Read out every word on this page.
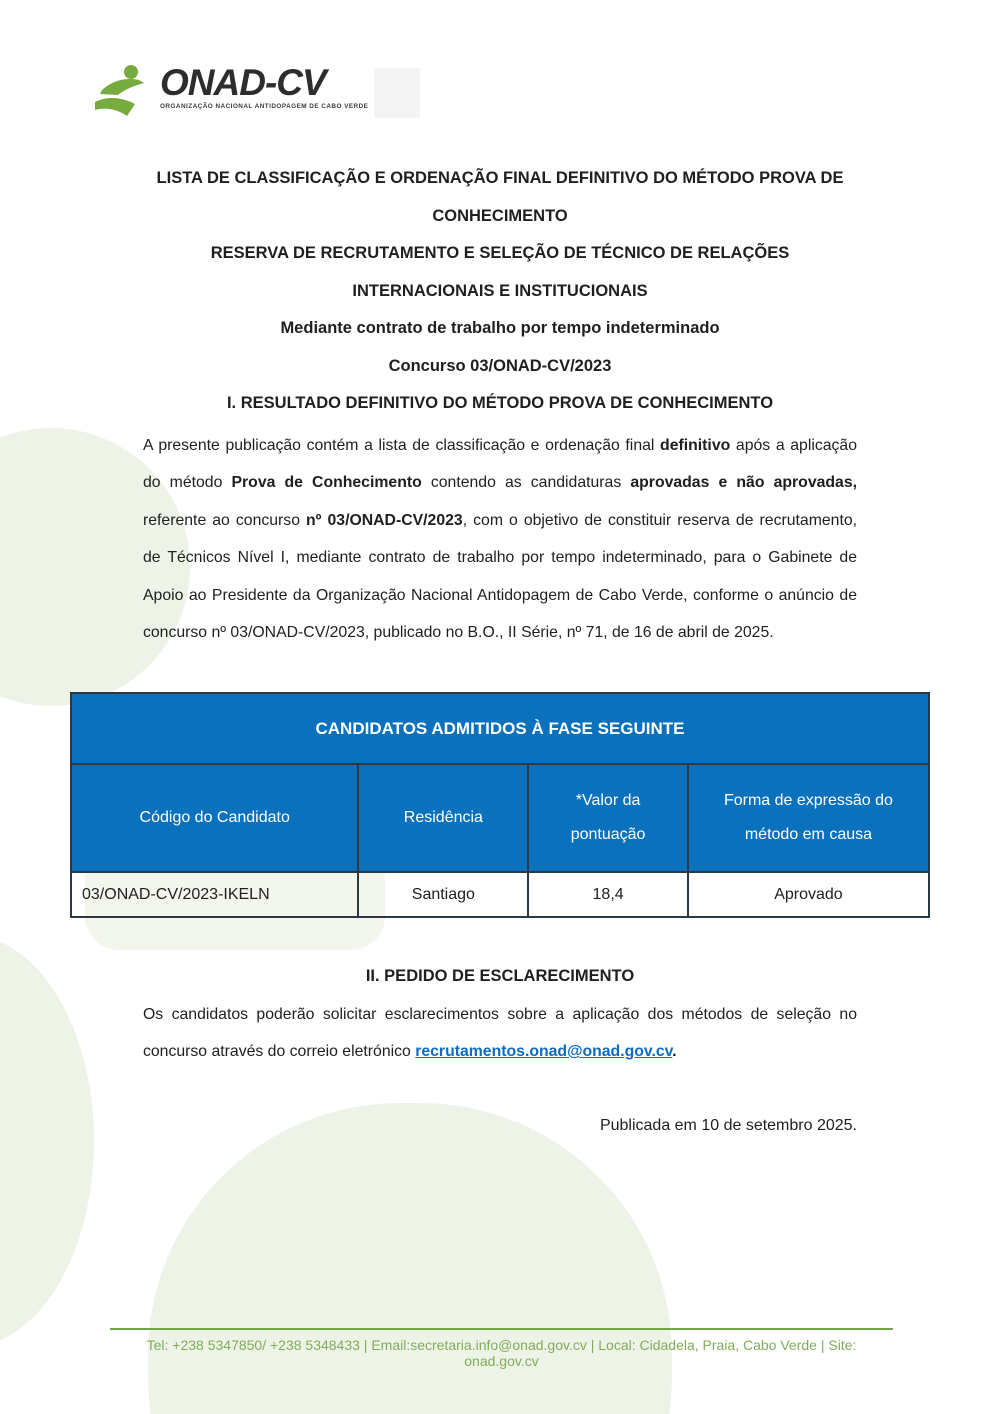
ONAD-CV
ORGANIZAÇÃO NACIONAL ANTIDOPAGEM DE CABO VERDE
LISTA DE CLASSIFICAÇÃO E ORDENAÇÃO FINAL DEFINITIVO DO MÉTODO PROVA DE
CONHECIMENTO
RESERVA DE RECRUTAMENTO E SELEÇÃO DE TÉCNICO DE RELAÇÕES
INTERNACIONAIS E INSTITUCIONAIS
Mediante contrato de trabalho por tempo indeterminado
Concurso 03/ONAD-CV/2023
I. RESULTADO DEFINITIVO DO MÉTODO PROVA DE CONHECIMENTO

A presente publicação contém a lista de classificação e ordenação final definitivo após a aplicação do método Prova de Conhecimento contendo as candidaturas aprovadas e não aprovadas, referente ao concurso nº 03/ONAD-CV/2023, com o objetivo de constituir reserva de recrutamento, de Técnicos Nível I, mediante contrato de trabalho por tempo indeterminado, para o Gabinete de Apoio ao Presidente da Organização Nacional Antidopagem de Cabo Verde, conforme o anúncio de concurso nº 03/ONAD-CV/2023, publicado no B.O., II Série, nº 71, de 16 de abril de 2025.

CANDIDATOS ADMITIDOS À FASE SEGUINTE			
Código do Candidato	Residência	*Valor da pontuação	Forma de expressão do método em causa
03/ONAD-CV/2023-IKELN	Santiago	18,4	Aprovado
II. PEDIDO DE ESCLARECIMENTO

Os candidatos poderão solicitar esclarecimentos sobre a aplicação dos métodos de seleção no concurso através do correio eletrónico recrutamentos.onad@onad.gov.cv.

Publicada em 10 de setembro 2025.
Tel: +238 5347850/ +238 5348433 | Email:secretaria.info@onad.gov.cv | Local: Cidadela, Praia, Cabo Verde | Site: onad.gov.cv
